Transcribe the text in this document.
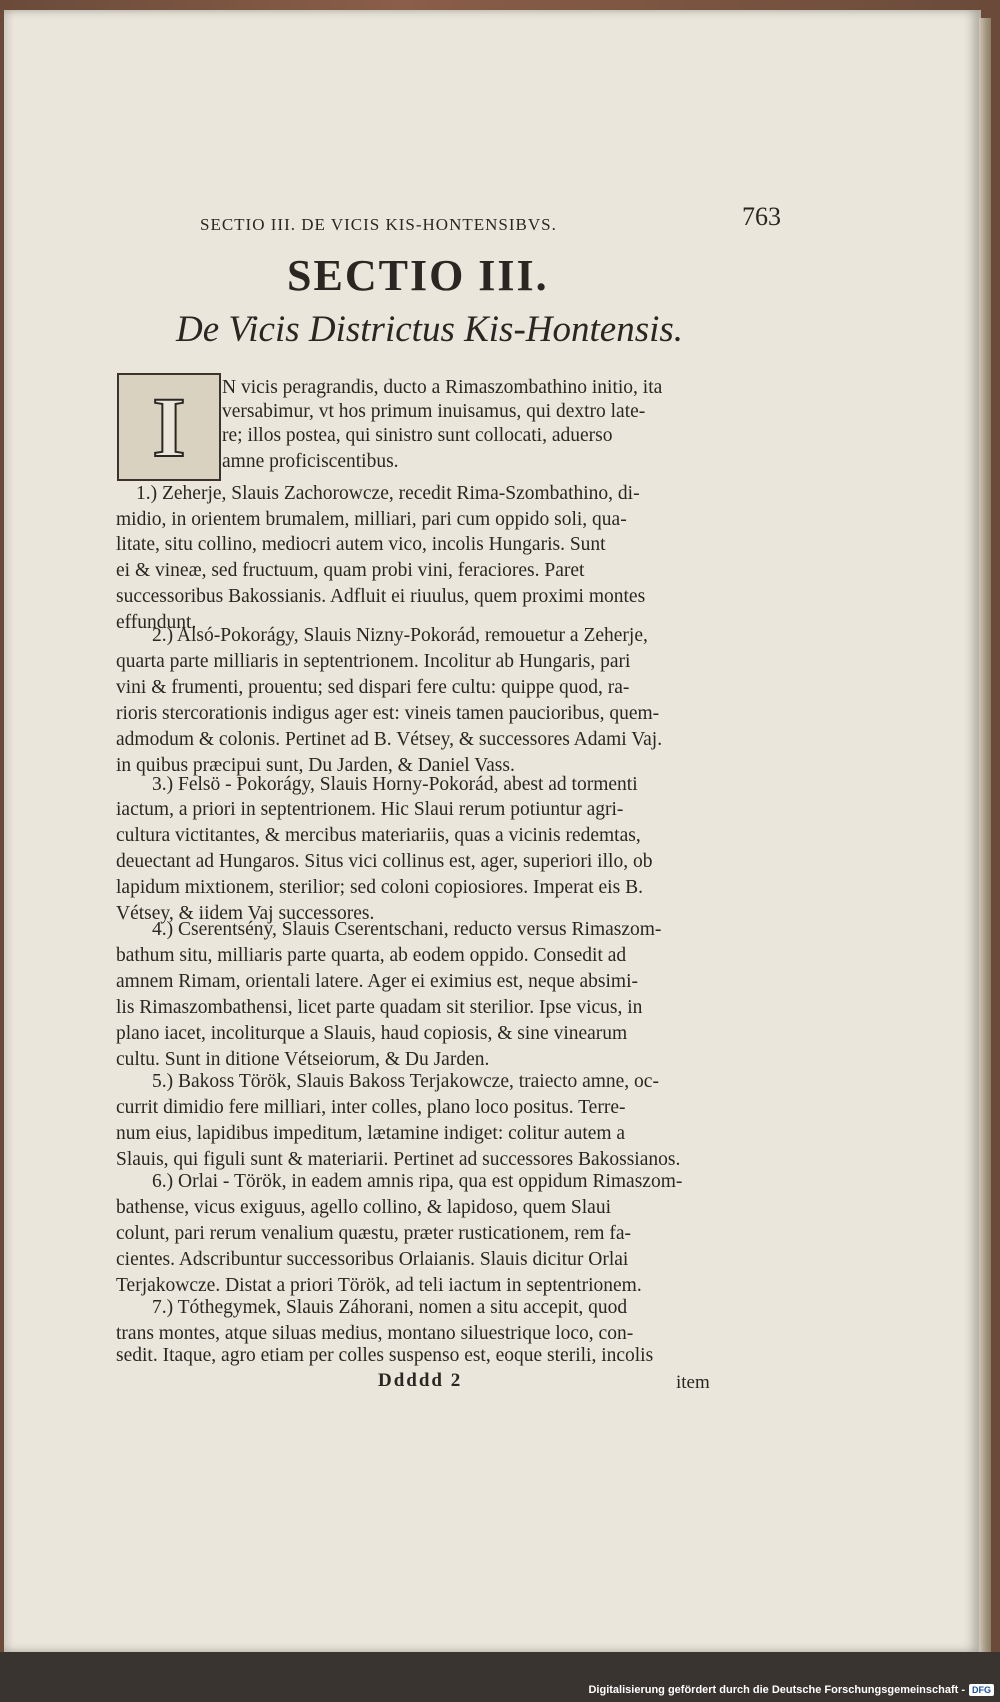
SECTIO III. DE VICIS KIS-HONTENSIBVS.	763
SECTIO III.
De Vicis Districtus Kis-Hontensis.
I N vicis peragrandis, ducto a Rimaszombathino initio, ita
versabimur, vt hos primum inuisamus, qui dextro late-
re; illos postea, qui sinistro sunt collocati, aduerso
amne proficiscentibus.
1.) Zeherje, Slauis Zachorowcze, recedit Rima-Szombathino, di-
midio, in orientem brumalem, milliari, pari cum oppido soli, qua-
litate, situ collino, mediocri autem vico, incolis Hungaris. Sunt
ei & vineæ, sed fructuum, quam probi vini, feraciores. Paret
successoribus Bakossianis. Adfluit ei riuulus, quem proximi montes
effundunt.
2.) Alsó-Pokorágy, Slauis Nizny-Pokorád, remouetur a Zeherje,
quarta parte milliaris in septentrionem. Incolitur ab Hungaris, pari
vini & frumenti, prouentu; sed dispari fere cultu: quippe quod, ra-
rioris stercorationis indigus ager est: vineis tamen paucioribus, quem-
admodum & colonis. Pertinet ad B. Vétsey, & successores Adami Vaj.
in quibus præcipui sunt, Du Jarden, & Daniel Vass.
3.) Felsö - Pokorágy, Slauis Horny-Pokorád, abest ad tormenti
iactum, a priori in septentrionem. Hic Slaui rerum potiuntur agri-
cultura victitantes, & mercibus materiariis, quas a vicinis redemtas,
deuectant ad Hungaros. Situs vici collinus est, ager, superiori illo, ob
lapidum mixtionem, sterilior; sed coloni copiosiores. Imperat eis B.
Vétsey, & iidem Vaj successores.
4.) Cserentsény, Slauis Cserentschani, reducto versus Rimaszom-
bathum situ, milliaris parte quarta, ab eodem oppido. Consedit ad
amnem Rimam, orientali latere. Ager ei eximius est, neque absimi-
lis Rimaszombathensi, licet parte quadam sit sterilior. Ipse vicus, in
plano iacet, incoliturque a Slauis, haud copiosis, & sine vinearum
cultu. Sunt in ditione Vétseiorum, & Du Jarden.
5.) Bakoss Török, Slauis Bakoss Terjakowcze, traiecto amne, oc-
currit dimidio fere milliari, inter colles, plano loco positus. Terre-
num eius, lapidibus impeditum, lætamine indiget: colitur autem a
Slauis, qui figuli sunt & materiarii. Pertinet ad successores Bakossianos.
6.) Orlai - Török, in eadem amnis ripa, qua est oppidum Rimaszom-
bathense, vicus exiguus, agello collino, & lapidoso, quem Slaui
colunt, pari rerum venalium quæstu, præter rusticationem, rem fa-
cientes. Adscribuntur successoribus Orlaianis. Slauis dicitur Orlai
Terjakowcze. Distat a priori Török, ad teli iactum in septentrionem.
7.) Tóthegymek, Slauis Záhorani, nomen a situ accepit, quod
trans montes, atque siluas medius, montano siluestrique loco, con-
sedit. Itaque, agro etiam per colles suspenso est, eoque sterili, incolis
Ddddd 2	item
Digitalisierung gefördert durch die Deutsche Forschungsgemeinschaft - DFG
